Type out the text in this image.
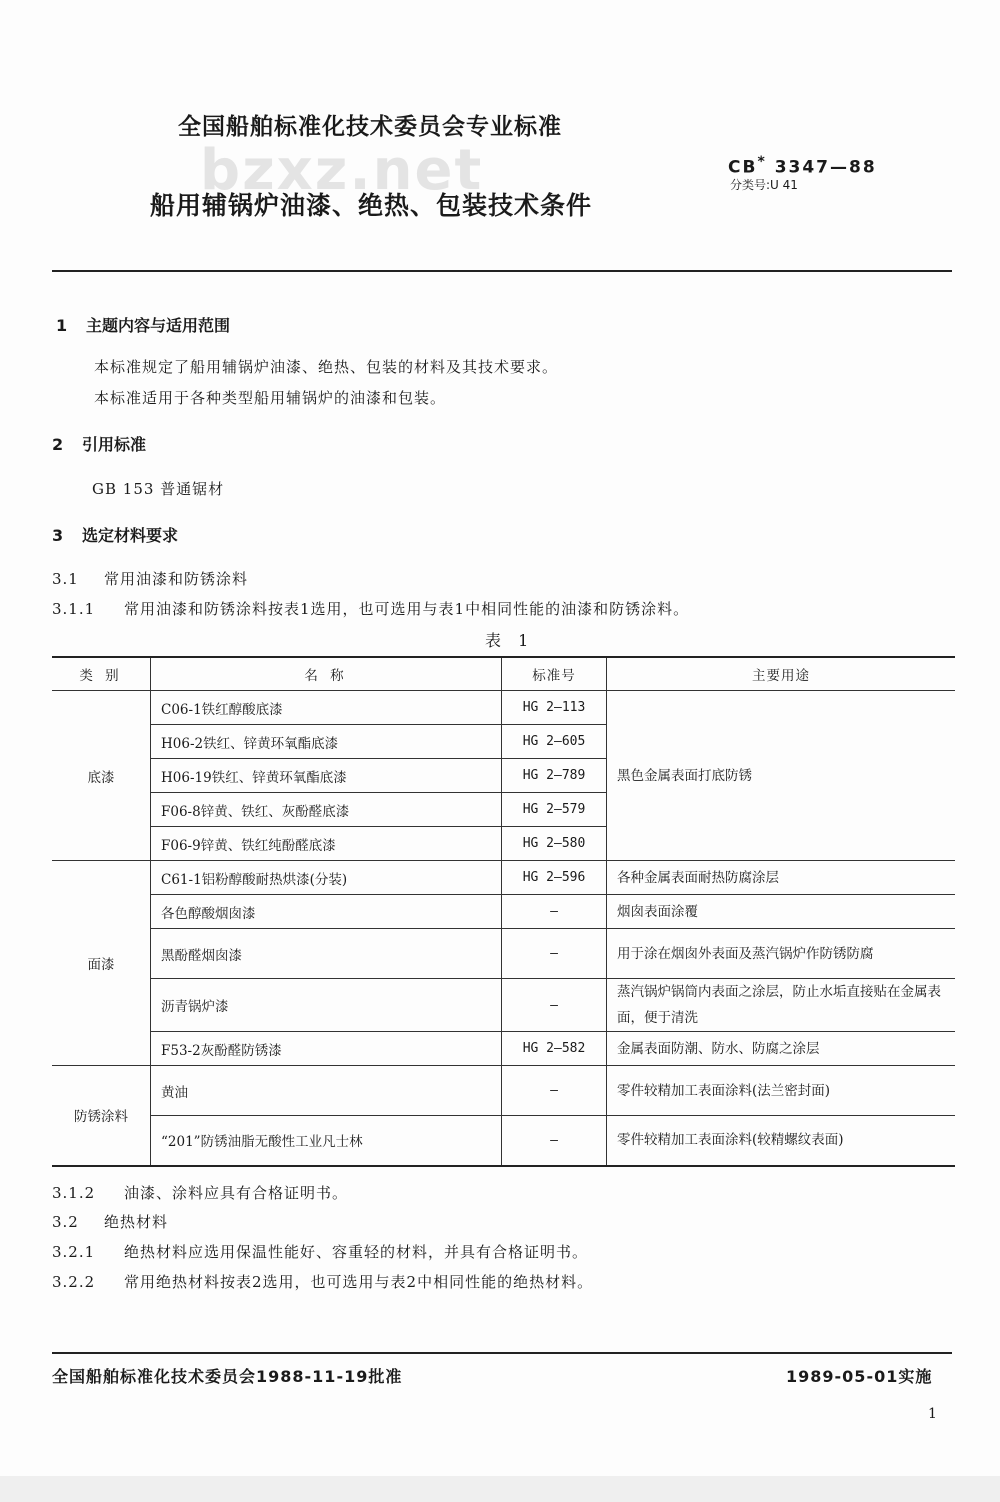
全国船舶标准化技术委员会专业标准
bzxz.net
船用辅锅炉油漆、绝热、包装技术条件
CB* 3347—88
分类号:U 41
1 主题内容与适用范围
本标准规定了船用辅锅炉油漆、绝热、包装的材料及其技术要求。
本标准适用于各种类型船用辅锅炉的油漆和包装。
2 引用标准
GB 153 普通锯材
3 选定材料要求
3.1 常用油漆和防锈涂料
3.1.1 常用油漆和防锈涂料按表1选用，也可选用与表1中相同性能的油漆和防锈涂料。
表 1
类 别	名 称	标准号	主要用途
底漆	C06-1铁红醇酸底漆	HG 2—113	黑色金属表面打底防锈
	H06-2铁红、锌黄环氧酯底漆	HG 2—605	
	H06-19铁红、锌黄环氧酯底漆	HG 2—789	
	F06-8锌黄、铁红、灰酚醛底漆	HG 2—579	
	F06-9锌黄、铁红纯酚醛底漆	HG 2—580	
面漆	C61-1铝粉醇酸耐热烘漆(分装)	HG 2—596	各种金属表面耐热防腐涂层
	各色醇酸烟囱漆	—	烟囱表面涂覆
	黑酚醛烟囱漆	—	用于涂在烟囱外表面及蒸汽锅炉作防锈防腐
	沥青锅炉漆	—	蒸汽锅炉锅筒内表面之涂层，防止水垢直接贴在金属表面，便于清洗
	F53-2灰酚醛防锈漆	HG 2—582	金属表面防潮、防水、防腐之涂层
防锈涂料	黄油	—	零件较精加工表面涂料(法兰密封面)
	“201”防锈油脂无酸性工业凡士林	—	零件较精加工表面涂料(较精螺纹表面)
3.1.2 油漆、涂料应具有合格证明书。
3.2 绝热材料
3.2.1 绝热材料应选用保温性能好、容重轻的材料，并具有合格证明书。
3.2.2 常用绝热材料按表2选用，也可选用与表2中相同性能的绝热材料。
全国船舶标准化技术委员会1988-11-19批准	1989-05-01实施
1
